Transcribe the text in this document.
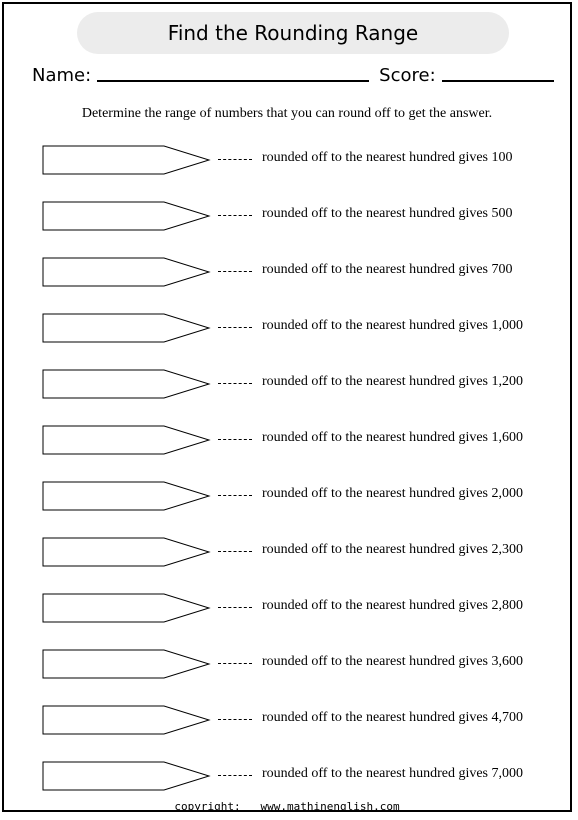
Find the Rounding Range
Name:	Score:
Determine the range of numbers that you can round off to get the answer.
rounded off to the nearest hundred gives 100
rounded off to the nearest hundred gives 500
rounded off to the nearest hundred gives 700
rounded off to the nearest hundred gives 1,000
rounded off to the nearest hundred gives 1,200
rounded off to the nearest hundred gives 1,600
rounded off to the nearest hundred gives 2,000
rounded off to the nearest hundred gives 2,300
rounded off to the nearest hundred gives 2,800
rounded off to the nearest hundred gives 3,600
rounded off to the nearest hundred gives 4,700
rounded off to the nearest hundred gives 7,000
copyright: www.mathinenglish.com
